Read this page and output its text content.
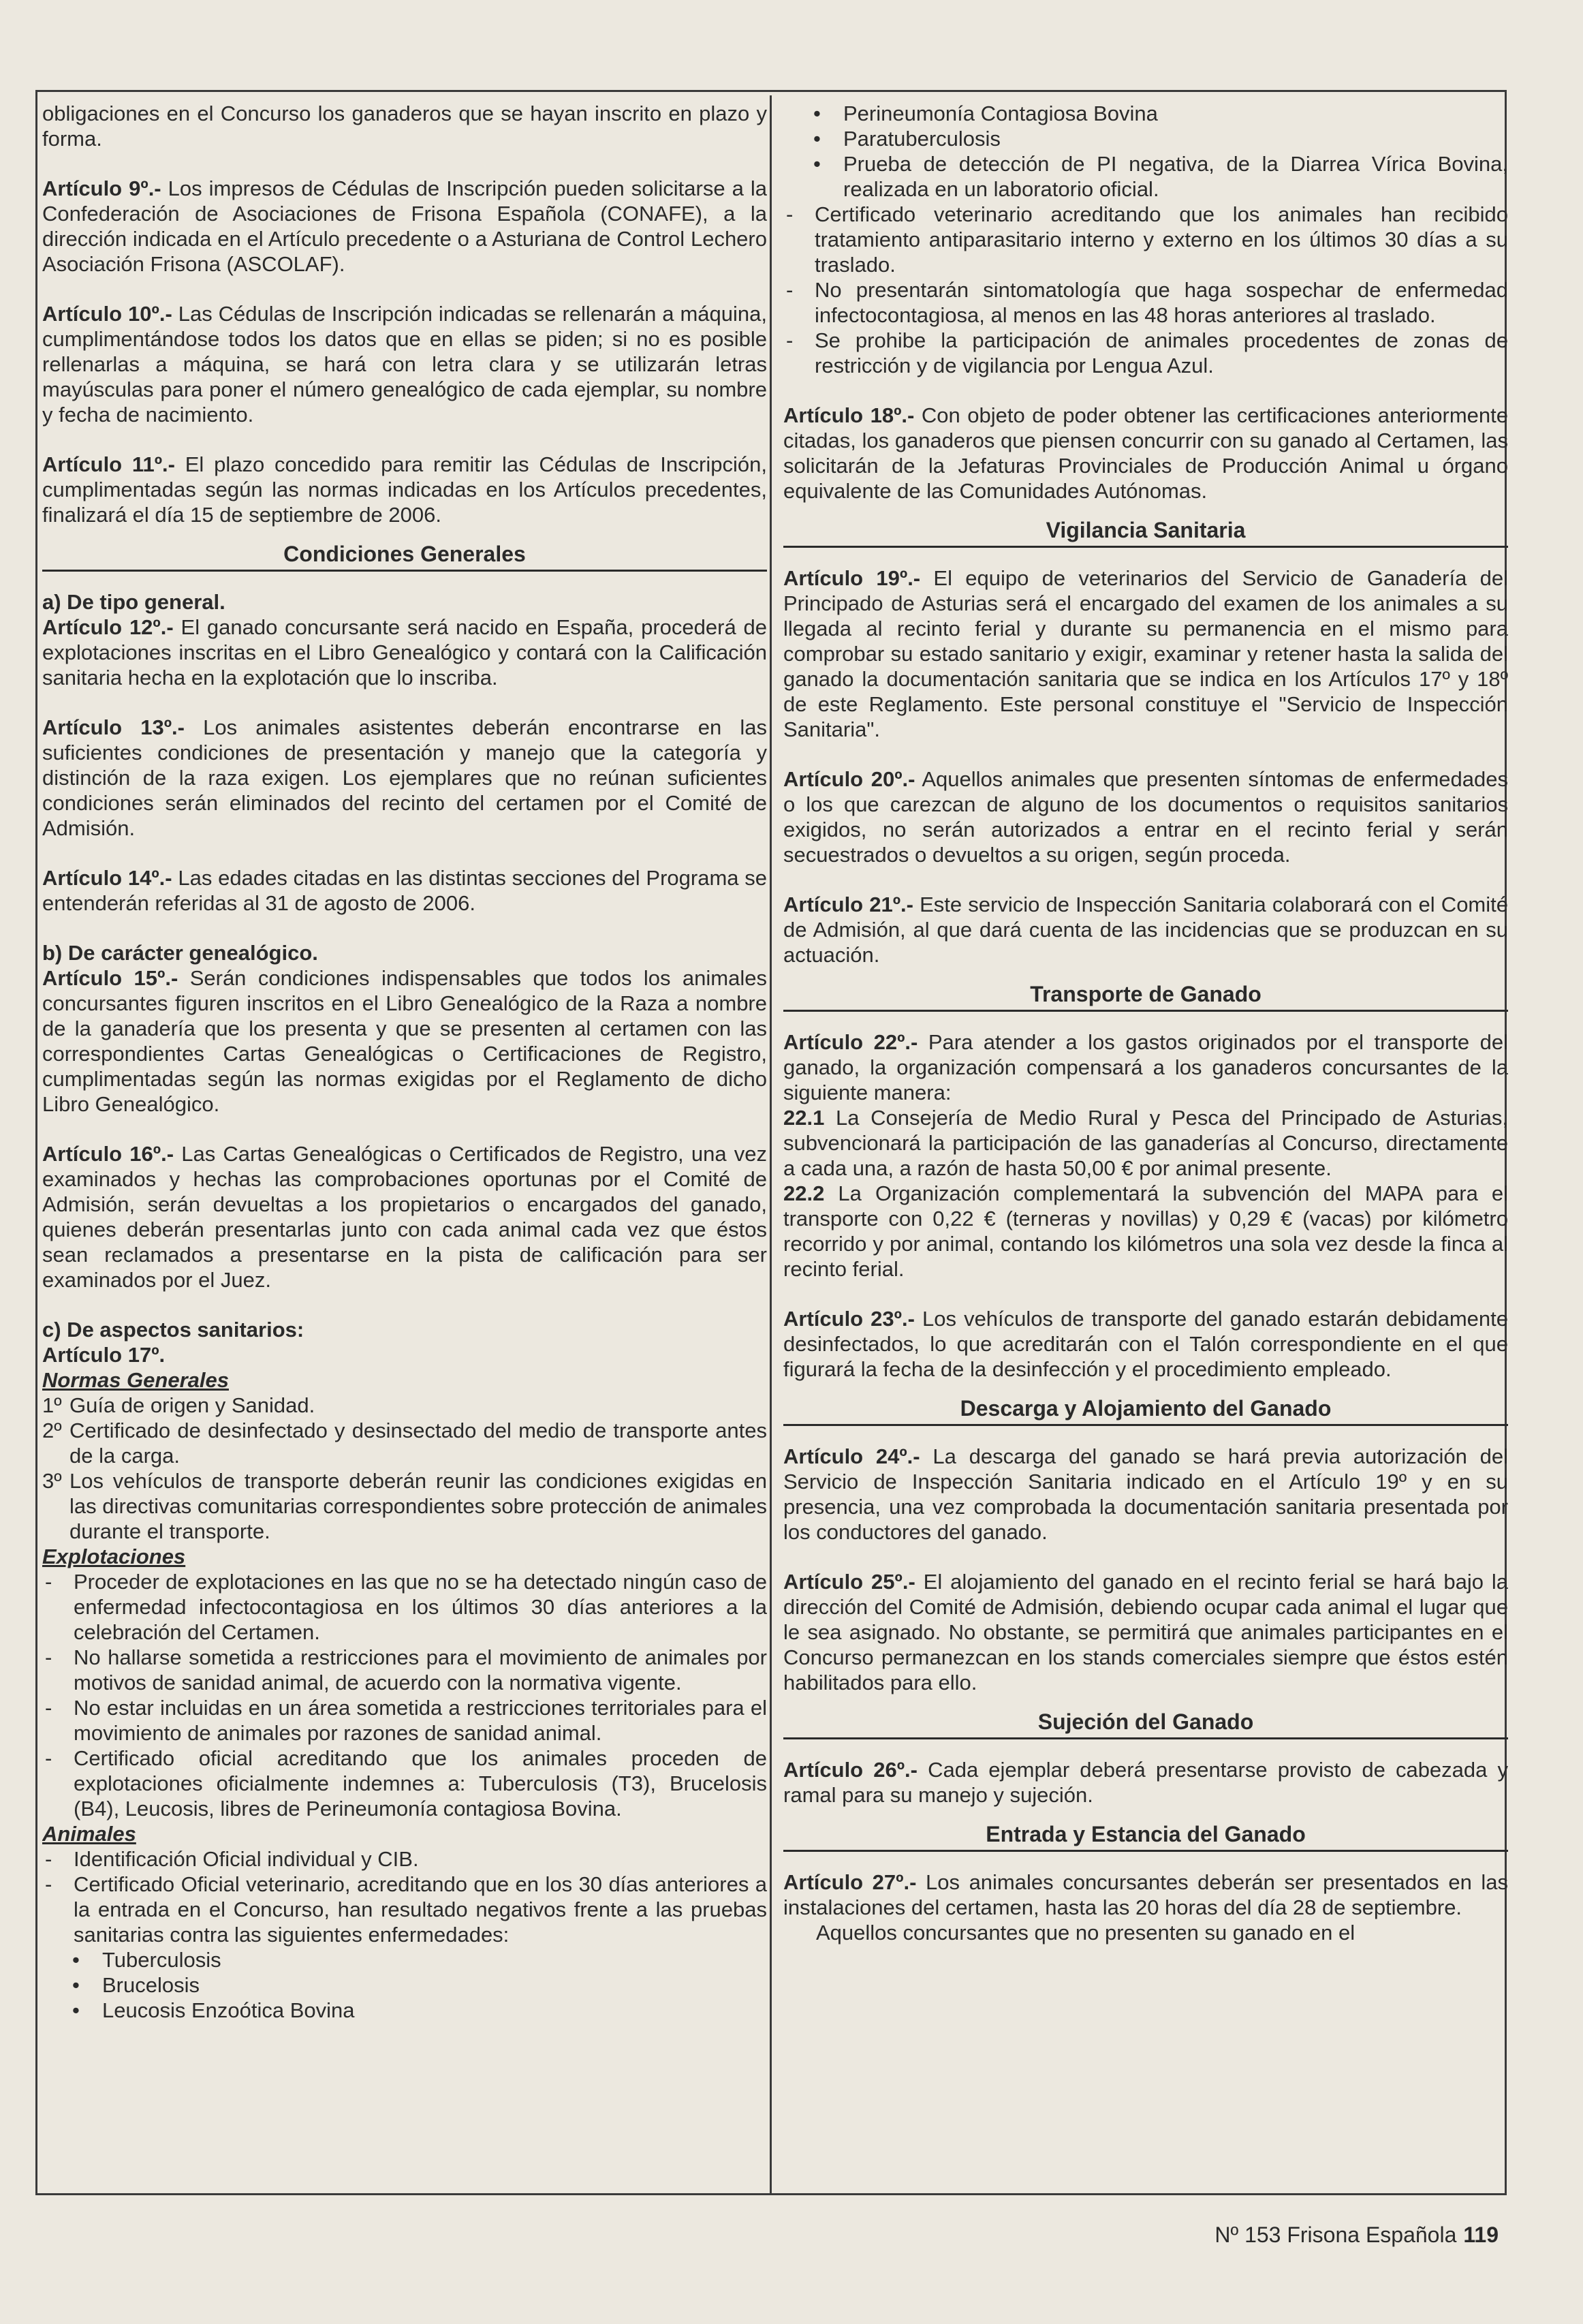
obligaciones en el Concurso los ganaderos que se hayan inscrito en plazo y forma.

Artículo 9º.- Los impresos de Cédulas de Inscripción pueden solicitarse a la Confederación de Asociaciones de Frisona Española (CONAFE), a la dirección indicada en el Artículo precedente o a Asturiana de Control Lechero Asociación Frisona (ASCOLAF).

Artículo 10º.- Las Cédulas de Inscripción indicadas se rellenarán a máquina, cumplimentándose todos los datos que en ellas se piden; si no es posible rellenarlas a máquina, se hará con letra clara y se utilizarán letras mayúsculas para poner el número genealógico de cada ejemplar, su nombre y fecha de nacimiento.

Artículo 11º.- El plazo concedido para remitir las Cédulas de Inscripción, cumplimentadas según las normas indicadas en los Artículos precedentes, finalizará el día 15 de septiembre de 2006.

Condiciones Generales
a) De tipo general.

Artículo 12º.- El ganado concursante será nacido en España, procederá de explotaciones inscritas en el Libro Genealógico y contará con la Calificación sanitaria hecha en la explotación que lo inscriba.

Artículo 13º.- Los animales asistentes deberán encontrarse en las suficientes condiciones de presentación y manejo que la categoría y distinción de la raza exigen. Los ejemplares que no reúnan suficientes condiciones serán eliminados del recinto del certamen por el Comité de Admisión.

Artículo 14º.- Las edades citadas en las distintas secciones del Programa se entenderán referidas al 31 de agosto de 2006.

b) De carácter genealógico.

Artículo 15º.- Serán condiciones indispensables que todos los animales concursantes figuren inscritos en el Libro Genealógico de la Raza a nombre de la ganadería que los presenta y que se presenten al certamen con las correspondientes Cartas Genealógicas o Certificaciones de Registro, cumplimentadas según las normas exigidas por el Reglamento de dicho Libro Genealógico.

Artículo 16º.- Las Cartas Genealógicas o Certificados de Registro, una vez examinados y hechas las comprobaciones oportunas por el Comité de Admisión, serán devueltas a los propietarios o encargados del ganado, quienes deberán presentarlas junto con cada animal cada vez que éstos sean reclamados a presentarse en la pista de calificación para ser examinados por el Juez.

c) De aspectos sanitarios:
Artículo 17º.
Normas Generales
1º Guía de origen y Sanidad.
2º Certificado de desinfectado y desinsectado del medio de transporte antes de la carga.
3º Los vehículos de transporte deberán reunir las condiciones exigidas en las directivas comunitarias correspondientes sobre protección de animales durante el transporte.
Explotaciones
- Proceder de explotaciones en las que no se ha detectado ningún caso de enfermedad infectocontagiosa en los últimos 30 días anteriores a la celebración del Certamen.
- No hallarse sometida a restricciones para el movimiento de animales por motivos de sanidad animal, de acuerdo con la normativa vigente.
- No estar incluidas en un área sometida a restricciones territoriales para el movimiento de animales por razones de sanidad animal.
- Certificado oficial acreditando que los animales proceden de explotaciones oficialmente indemnes a: Tuberculosis (T3), Brucelosis (B4), Leucosis, libres de Perineumonía contagiosa Bovina.
Animales
- Identificación Oficial individual y CIB.
- Certificado Oficial veterinario, acreditando que en los 30 días anteriores a la entrada en el Concurso, han resultado negativos frente a las pruebas sanitarias contra las siguientes enfermedades:
• Tuberculosis
• Brucelosis
• Leucosis Enzoótica Bovina
• Perineumonía Contagiosa Bovina
• Paratuberculosis
• Prueba de detección de PI negativa, de la Diarrea Vírica Bovina, realizada en un laboratorio oficial.
- Certificado veterinario acreditando que los animales han recibido tratamiento antiparasitario interno y externo en los últimos 30 días a su traslado.
- No presentarán sintomatología que haga sospechar de enfermedad infectocontagiosa, al menos en las 48 horas anteriores al traslado.
- Se prohibe la participación de animales procedentes de zonas de restricción y de vigilancia por Lengua Azul.

Artículo 18º.- Con objeto de poder obtener las certificaciones anteriormente citadas, los ganaderos que piensen concurrir con su ganado al Certamen, las solicitarán de la Jefaturas Provinciales de Producción Animal u órgano equivalente de las Comunidades Autónomas.

Vigilancia Sanitaria

Artículo 19º.- El equipo de veterinarios del Servicio de Ganadería del Principado de Asturias será el encargado del examen de los animales a su llegada al recinto ferial y durante su permanencia en el mismo para comprobar su estado sanitario y exigir, examinar y retener hasta la salida del ganado la documentación sanitaria que se indica en los Artículos 17º y 18º de este Reglamento. Este personal constituye el "Servicio de Inspección Sanitaria".

Artículo 20º.- Aquellos animales que presenten síntomas de enfermedades o los que carezcan de alguno de los documentos o requisitos sanitarios exigidos, no serán autorizados a entrar en el recinto ferial y serán secuestrados o devueltos a su origen, según proceda.

Artículo 21º.- Este servicio de Inspección Sanitaria colaborará con el Comité de Admisión, al que dará cuenta de las incidencias que se produzcan en su actuación.

Transporte de Ganado

Artículo 22º.- Para atender a los gastos originados por el transporte del ganado, la organización compensará a los ganaderos concursantes de la siguiente manera:

22.1 La Consejería de Medio Rural y Pesca del Principado de Asturias, subvencionará la participación de las ganaderías al Concurso, directamente a cada una, a razón de hasta 50,00 € por animal presente.

22.2 La Organización complementará la subvención del MAPA para el transporte con 0,22 € (terneras y novillas) y 0,29 € (vacas) por kilómetro recorrido y por animal, contando los kilómetros una sola vez desde la finca al recinto ferial.

Artículo 23º.- Los vehículos de transporte del ganado estarán debidamente desinfectados, lo que acreditarán con el Talón correspondiente en el que figurará la fecha de la desinfección y el procedimiento empleado.

Descarga y Alojamiento del Ganado

Artículo 24º.- La descarga del ganado se hará previa autorización del Servicio de Inspección Sanitaria indicado en el Artículo 19º y en su presencia, una vez comprobada la documentación sanitaria presentada por los conductores del ganado.

Artículo 25º.- El alojamiento del ganado en el recinto ferial se hará bajo la dirección del Comité de Admisión, debiendo ocupar cada animal el lugar que le sea asignado. No obstante, se permitirá que animales participantes en el Concurso permanezcan en los stands comerciales siempre que éstos estén habilitados para ello.

Sujeción del Ganado

Artículo 26º.- Cada ejemplar deberá presentarse provisto de cabezada y ramal para su manejo y sujeción.

Entrada y Estancia del Ganado

Artículo 27º.- Los animales concursantes deberán ser presentados en las instalaciones del certamen, hasta las 20 horas del día 28 de septiembre.

Aquellos concursantes que no presenten su ganado en el

Nº 153 Frisona Española 119
